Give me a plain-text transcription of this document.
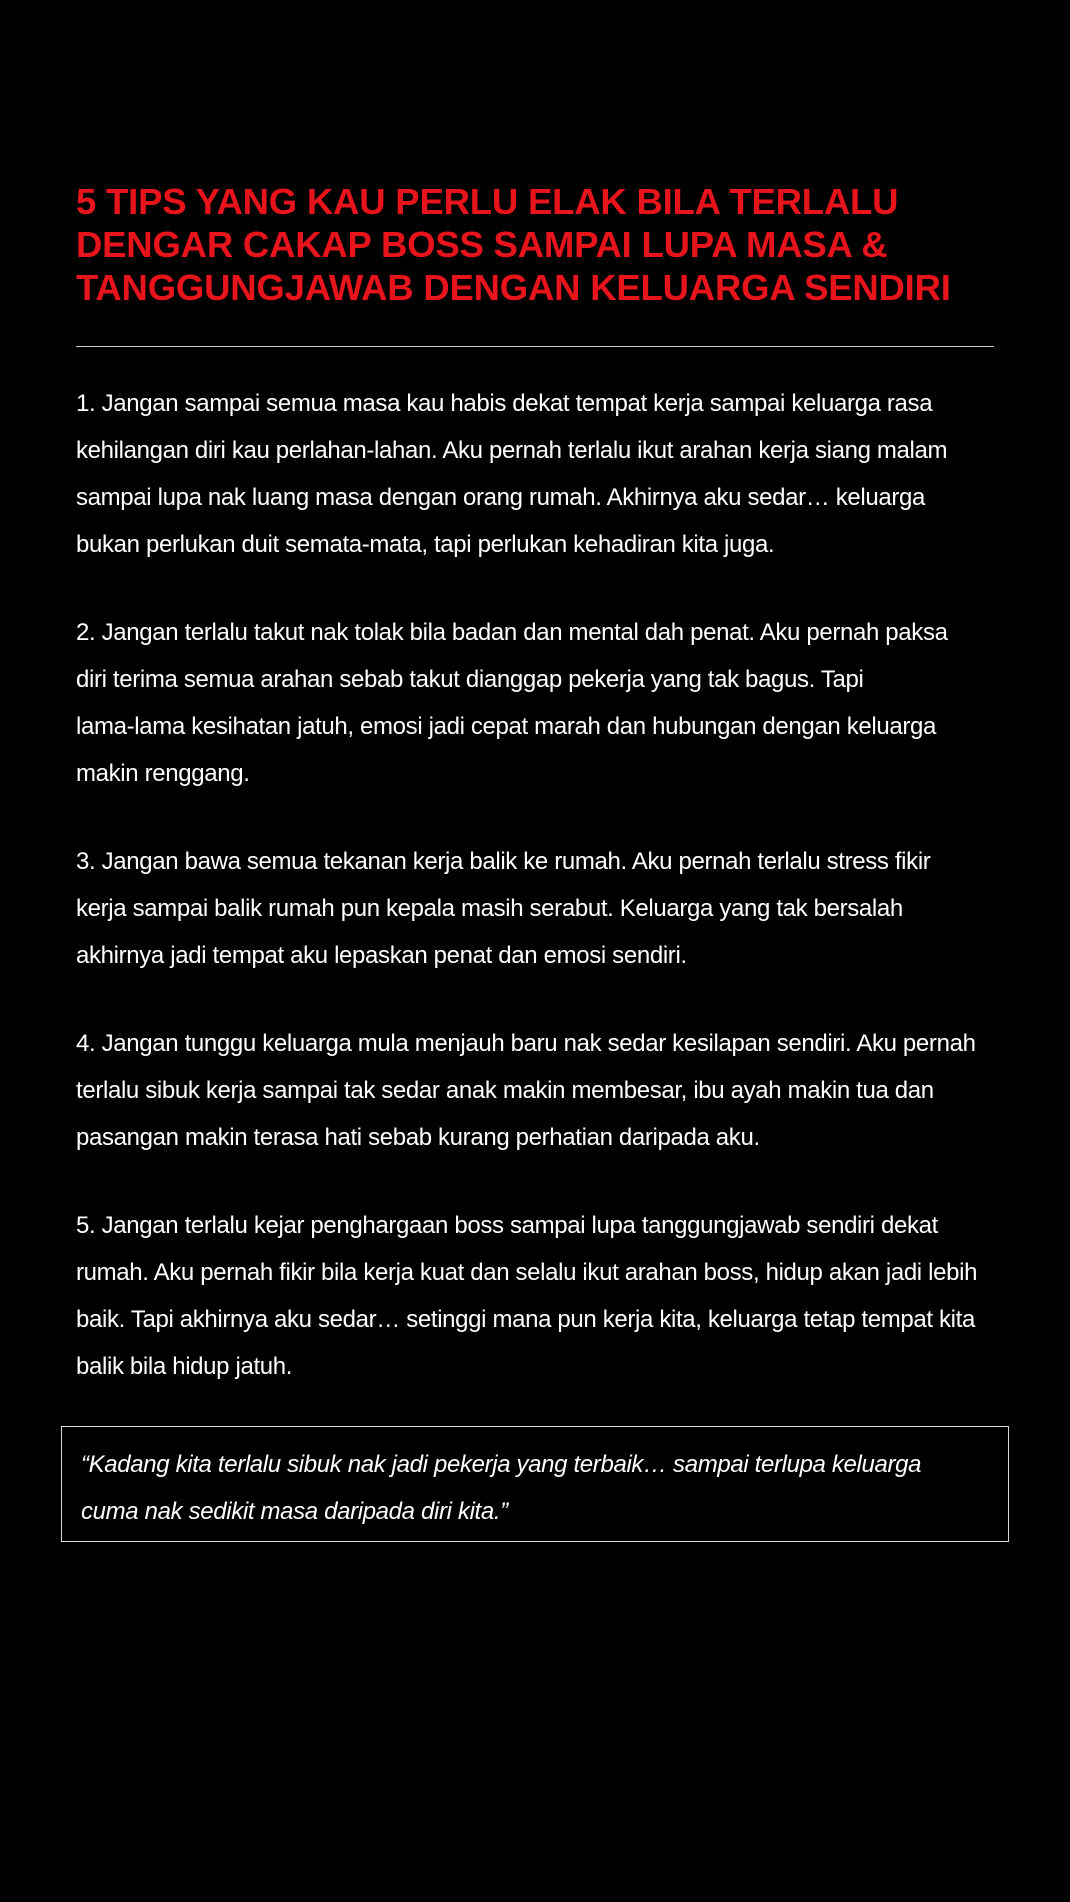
5 TIPS YANG KAU PERLU ELAK BILA TERLALU
DENGAR CAKAP BOSS SAMPAI LUPA MASA &
TANGGUNGJAWAB DENGAN KELUARGA SENDIRI

1. Jangan sampai semua masa kau habis dekat tempat kerja sampai keluarga rasa
kehilangan diri kau perlahan-lahan. Aku pernah terlalu ikut arahan kerja siang malam
sampai lupa nak luang masa dengan orang rumah. Akhirnya aku sedar… keluarga
bukan perlukan duit semata-mata, tapi perlukan kehadiran kita juga.

2. Jangan terlalu takut nak tolak bila badan dan mental dah penat. Aku pernah paksa
diri terima semua arahan sebab takut dianggap pekerja yang tak bagus. Tapi
lama-lama kesihatan jatuh, emosi jadi cepat marah dan hubungan dengan keluarga
makin renggang.

3. Jangan bawa semua tekanan kerja balik ke rumah. Aku pernah terlalu stress fikir
kerja sampai balik rumah pun kepala masih serabut. Keluarga yang tak bersalah
akhirnya jadi tempat aku lepaskan penat dan emosi sendiri.

4. Jangan tunggu keluarga mula menjauh baru nak sedar kesilapan sendiri. Aku pernah
terlalu sibuk kerja sampai tak sedar anak makin membesar, ibu ayah makin tua dan
pasangan makin terasa hati sebab kurang perhatian daripada aku.

5. Jangan terlalu kejar penghargaan boss sampai lupa tanggungjawab sendiri dekat
rumah. Aku pernah fikir bila kerja kuat dan selalu ikut arahan boss, hidup akan jadi lebih
baik. Tapi akhirnya aku sedar… setinggi mana pun kerja kita, keluarga tetap tempat kita
balik bila hidup jatuh.

“Kadang kita terlalu sibuk nak jadi pekerja yang terbaik… sampai terlupa keluarga
cuma nak sedikit masa daripada diri kita.”
